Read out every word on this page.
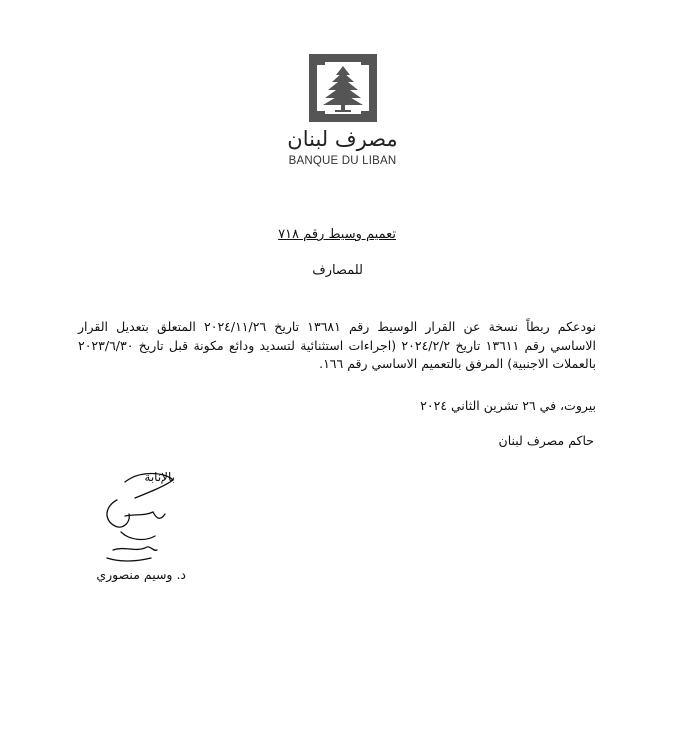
مصرف لبنان
BANQUE DU LIBAN
تعميم وسيط رقم ٧١٨
للمصارف
نودعكم ربطاً نسخة عن القرار الوسيط رقم ١٣٦٨١ تاريخ ٢٠٢٤/١١/٢٦ المتعلق بتعديل القرار الاساسي رقم ١٣٦١١ تاريخ ٢٠٢٤/٢/٢ (اجراءات استثنائية لتسديد ودائع مكونة قبل تاريخ ٢٠٢٣/٦/٣٠ بالعملات الاجنبية) المرفق بالتعميم الاساسي رقم ١٦٦.
بيروت، في ٢٦ تشرين الثاني ٢٠٢٤
حاكم مصرف لبنان
بالإنابة
د. وسيم منصوري
